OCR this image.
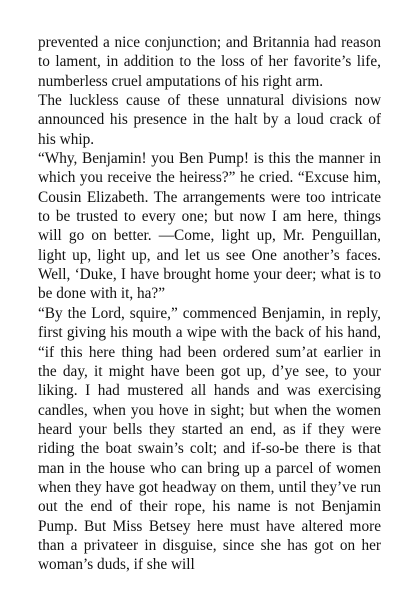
prevented a nice conjunction; and Britannia had reason to lament, in addition to the loss of her favorite’s life, numberless cruel amputations of his right arm.

The luckless cause of these unnatural divisions now announced his presence in the halt by a loud crack of his whip.

“Why, Benjamin! you Ben Pump! is this the manner in which you receive the heiress?” he cried. “Excuse him, Cousin Elizabeth. The arrangements were too intricate to be trusted to every one; but now I am here, things will go on better. —Come, light up, Mr. Penguillan, light up, light up, and let us see One another’s faces. Well, ‘Duke, I have brought home your deer; what is to be done with it, ha?”

“By the Lord, squire,” commenced Benjamin, in reply, first giving his mouth a wipe with the back of his hand, “if this here thing had been ordered sum’at earlier in the day, it might have been got up, d’ye see, to your liking. I had mustered all hands and was exercising candles, when you hove in sight; but when the women heard your bells they started an end, as if they were riding the boat swain’s colt; and if-so-be there is that man in the house who can bring up a parcel of women when they have got headway on them, until they’ve run out the end of their rope, his name is not Benjamin Pump. But Miss Betsey here must have altered more than a privateer in disguise, since she has got on her woman’s duds, if she will
